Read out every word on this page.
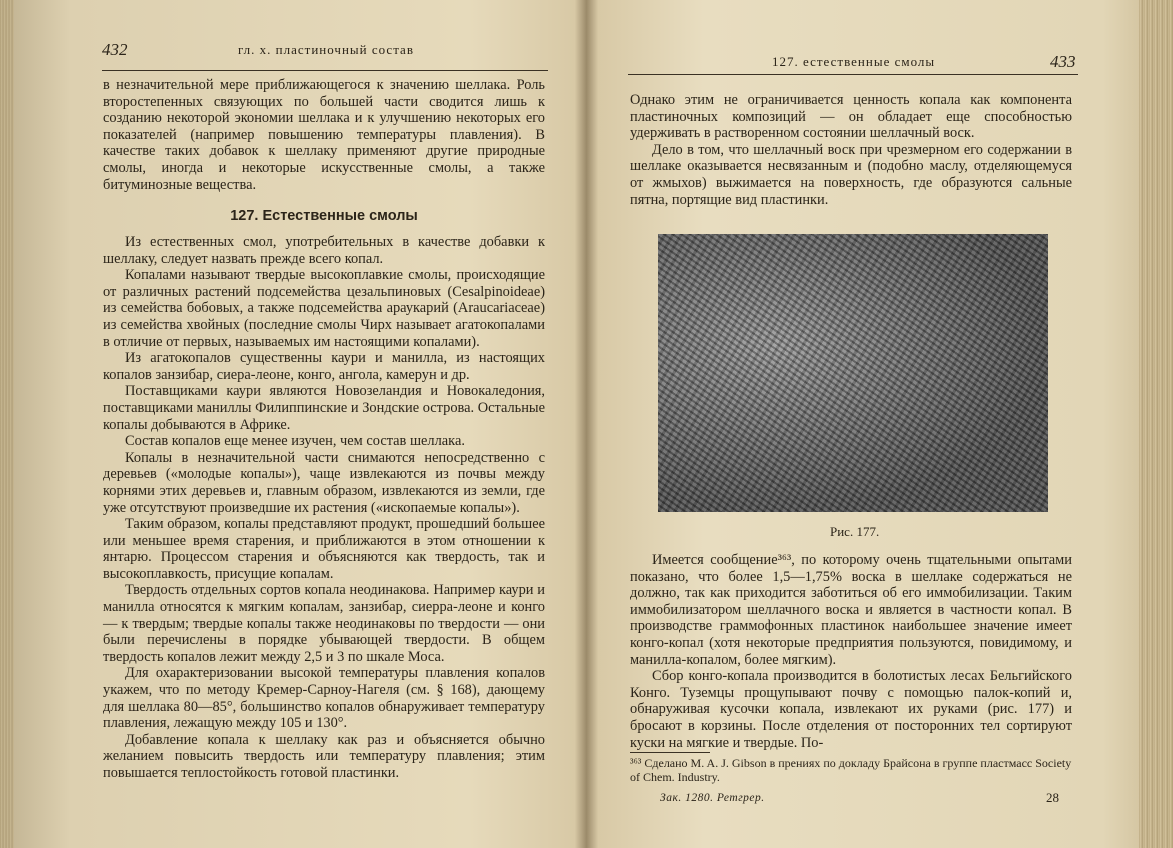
432	гл. х. пластиночный состав

в незначительной мере приближающегося к значению шеллака. Роль второстепенных связующих по большей части сводится лишь к созданию некоторой экономии шеллака и к улучшению некоторых его показателей (например повышению температуры плавления). В качестве таких добавок к шеллаку применяют другие природные смолы, иногда и некоторые искусственные смолы, а также битуминозные вещества.

127. Естественные смолы

Из естественных смол, употребительных в качестве добавки к шеллаку, следует назвать прежде всего копал.

Копалами называют твердые высокоплавкие смолы, происходящие от различных растений подсемейства цезальпиновых (Cesalpinoideae) из семейства бобовых, а также подсемейства араукарий (Araucariaceae) из семейства хвойных (последние смолы Чирх называет агатокопалами в отличие от первых, называемых им настоящими копалами).

Из агатокопалов существенны каури и манилла, из настоящих копалов занзибар, сиера-леоне, конго, ангола, камерун и др.

Поставщиками каури являются Новозеландия и Новокаледония, поставщиками маниллы Филиппинские и Зондские острова. Остальные копалы добываются в Африке.

Состав копалов еще менее изучен, чем состав шеллака.

Копалы в незначительной части снимаются непосредственно с деревьев («молодые копалы»), чаще извлекаются из почвы между корнями этих деревьев и, главным образом, извлекаются из земли, где уже отсутствуют произведшие их растения («ископаемые копалы»).

Таким образом, копалы представляют продукт, прошедший большее или меньшее время старения, и приближаются в этом отношении к янтарю. Процессом старения и объясняются как твердость, так и высокоплавкость, присущие копалам.

Твердость отдельных сортов копала неодинакова. Например каури и манилла относятся к мягким копалам, занзибар, сиерра-леоне и конго — к твердым; твердые копалы также неодинаковы по твердости — они были перечислены в порядке убывающей твердости. В общем твердость копалов лежит между 2,5 и 3 по шкале Моса.

Для охарактеризовании высокой температуры плавления копалов укажем, что по методу Кремер-Сарноу-Нагеля (см. § 168), дающему для шеллака 80—85°, большинство копалов обнаруживает температуру плавления, лежащую между 105 и 130°.

Добавление копала к шеллаку как раз и объясняется обычно желанием повысить твердость или температуру плавления; этим повышается теплостойкость готовой пластинки.

127. естественные смолы	433

Однако этим не ограничивается ценность копала как компонента пластиночных композиций — он обладает еще способностью удерживать в растворенном состоянии шеллачный воск.

Дело в том, что шеллачный воск при чрезмерном его содержании в шеллаке оказывается несвязанным и (подобно маслу, отделяющемуся от жмыхов) выжимается на поверхность, где образуются сальные пятна, портящие вид пластинки.

Рис. 177.

Имеется сообщение³⁶³, по которому очень тщательными опытами показано, что более 1,5—1,75% воска в шеллаке содержаться не должно, так как приходится заботиться об его иммобилизации. Таким иммобилизатором шеллачного воска и является в частности копал. В производстве граммофонных пластинок наибольшее значение имеет конго-копал (хотя некоторые предприятия пользуются, повидимому, и манилла-копалом, более мягким).

Сбор конго-копала производится в болотистых лесах Бельгийского Конго. Туземцы прощупывают почву с помощью палок-копий и, обнаруживая кусочки копала, извлекают их руками (рис. 177) и бросают в корзины. После отделения от посторонних тел сортируют куски на мягкие и твердые. По-

³⁶³ Сделано M. A. J. Gibson в прениях по докладу Брайсона в группе пластмасс Society of Chem. Industry.
Зак. 1280. Ретгрер.	28
